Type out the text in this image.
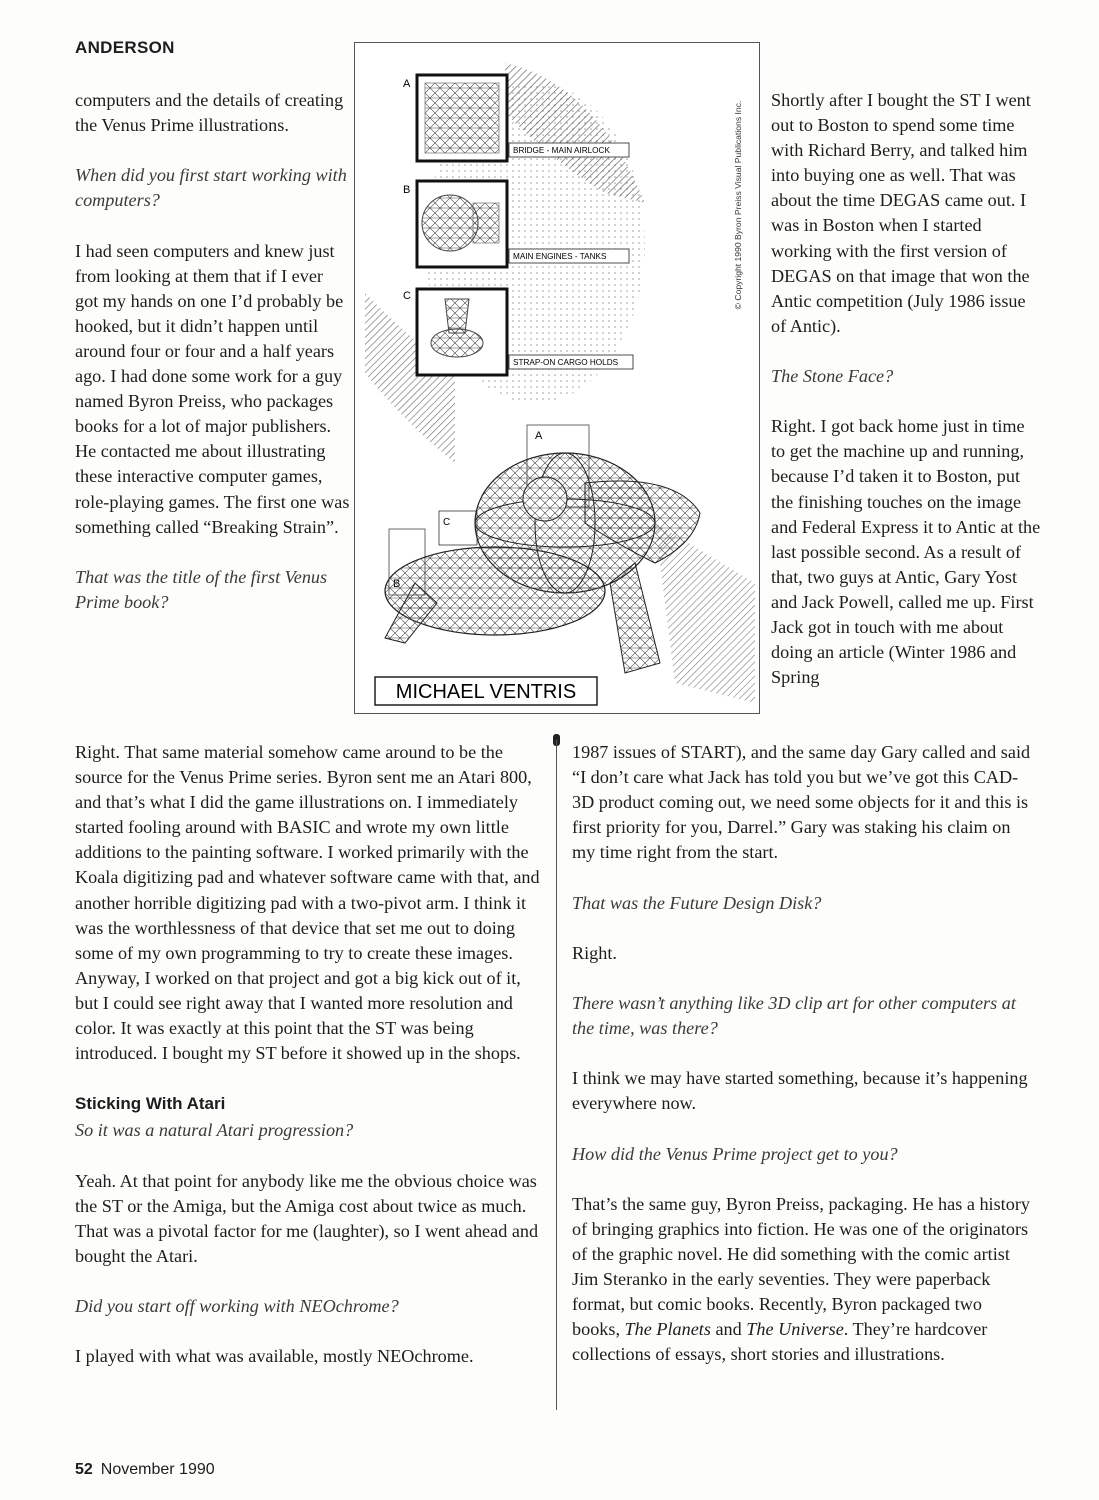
ANDERSON

computers and the details of creating the Venus Prime illustrations.

When did you first start working with computers?

I had seen computers and knew just from looking at them that if I ever got my hands on one I’d probably be hooked, but it didn’t happen until around four or four and a half years ago. I had done some work for a guy named Byron Preiss, who packages books for a lot of major publishers. He contacted me about illustrating these interactive computer games, role-playing games. The first one was something called “Breaking Strain”.

That was the title of the first Venus Prime book?

A
BRIDGE - MAIN AIRLOCK
B
MAIN ENGINES - TANKS
C
STRAP-ON CARGO HOLDS
A
C
MICHAEL VENTRIS
© Copyright 1990 Byron Preiss Visual Publications Inc.

Shortly after I bought the ST I went out to Boston to spend some time with Richard Berry, and talked him into buying one as well. That was about the time DEGAS came out. I was in Boston when I started working with the first version of DEGAS on that image that won the Antic competition (July 1986 issue of Antic).

The Stone Face?

Right. I got back home just in time to get the machine up and running, because I’d taken it to Boston, put the finishing touches on the image and Federal Express it to Antic at the last possible second. As a result of that, two guys at Antic, Gary Yost and Jack Powell, called me up. First Jack got in touch with me about doing an article (Winter 1986 and Spring

Right. That same material somehow came around to be the source for the Venus Prime series. Byron sent me an Atari 800, and that’s what I did the game illustrations on. I immediately started fooling around with BASIC and wrote my own little additions to the painting software. I worked primarily with the Koala digitizing pad and whatever software came with that, and another horrible digitizing pad with a two-pivot arm. I think it was the worthlessness of that device that set me out to doing some of my own programming to try to create these images. Anyway, I worked on that project and got a big kick out of it, but I could see right away that I wanted more resolution and color. It was exactly at this point that the ST was being introduced. I bought my ST before it showed up in the shops.

Sticking With Atari

So it was a natural Atari progression?

Yeah. At that point for anybody like me the obvious choice was the ST or the Amiga, but the Amiga cost about twice as much. That was a pivotal factor for me (laughter), so I went ahead and bought the Atari.

Did you start off working with NEOchrome?

I played with what was available, mostly NEOchrome.

1987 issues of START), and the same day Gary called and said “I don’t care what Jack has told you but we’ve got this CAD-3D product coming out, we need some objects for it and this is first priority for you, Darrel.” Gary was staking his claim on my time right from the start.

That was the Future Design Disk?

Right.

There wasn’t anything like 3D clip art for other computers at the time, was there?

I think we may have started something, because it’s happening everywhere now.

How did the Venus Prime project get to you?

That’s the same guy, Byron Preiss, packaging. He has a history of bringing graphics into fiction. He was one of the originators of the graphic novel. He did something with the comic artist Jim Steranko in the early seventies. They were paperback format, but comic books. Recently, Byron packaged two books, The Planets and The Universe. They’re hardcover collections of essays, short stories and illustrations.

52 November 1990
